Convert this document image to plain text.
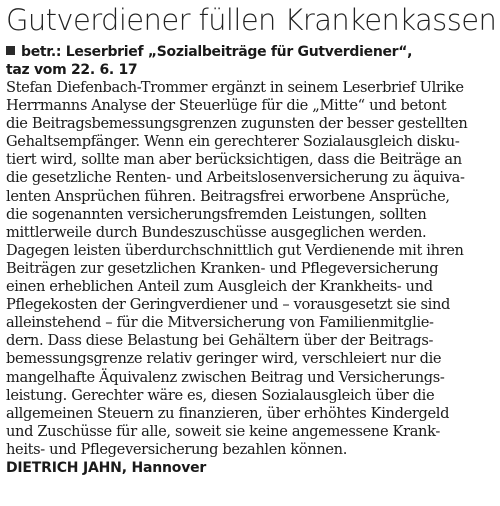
Gutverdiener füllen Krankenkassen
betr.: Leserbrief „Sozialbeiträge für Gutverdiener“,
taz vom 22. 6. 17
Stefan Diefenbach-Trommer ergänzt in seinem Leserbrief Ulrike
Herrmanns Analyse der Steuerlüge für die „Mitte“ und betont
die Beitragsbemessungsgrenzen zugunsten der besser gestellten
Gehaltsempfänger. Wenn ein gerechterer Sozialausgleich disku-
tiert wird, sollte man aber berücksichtigen, dass die Beiträge an
die gesetzliche Renten- und Arbeitslosenversicherung zu äquiva-
lenten Ansprüchen führen. Beitragsfrei erworbene Ansprüche,
die sogenannten versicherungsfremden Leistungen, sollten
mittlerweile durch Bundeszuschüsse ausgeglichen werden.
Dagegen leisten überdurchschnittlich gut Verdienende mit ihren
Beiträgen zur gesetzlichen Kranken- und Pflegeversicherung
einen erheblichen Anteil zum Ausgleich der Krankheits- und
Pflegekosten der Geringverdiener und – vorausgesetzt sie sind
alleinstehend – für die Mitversicherung von Familienmitglie-
dern. Dass diese Belastung bei Gehältern über der Beitrags-
bemessungsgrenze relativ geringer wird, verschleiert nur die
mangelhafte Äquivalenz zwischen Beitrag und Versicherungs-
leistung. Gerechter wäre es, diesen Sozialausgleich über die
allgemeinen Steuern zu finanzieren, über erhöhtes Kindergeld
und Zuschüsse für alle, soweit sie keine angemessene Krank-
heits- und Pflegeversicherung bezahlen können.
DIETRICH JAHN, Hannover
